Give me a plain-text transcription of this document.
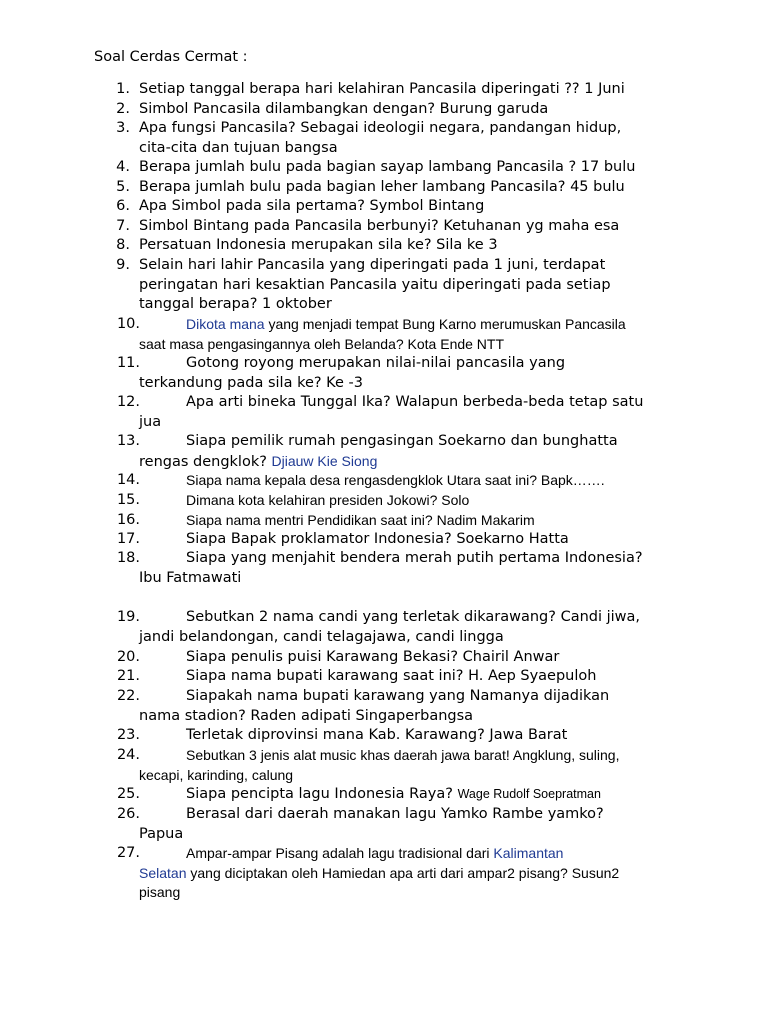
Soal Cerdas Cermat :
1. Setiap tanggal berapa hari kelahiran Pancasila diperingati ?? 1 Juni
2. Simbol Pancasila dilambangkan dengan? Burung garuda
3. Apa fungsi Pancasila? Sebagai ideologii negara, pandangan hidup,
cita-cita dan tujuan bangsa
4. Berapa jumlah bulu pada bagian sayap lambang Pancasila ? 17 bulu
5. Berapa jumlah bulu pada bagian leher lambang Pancasila? 45 bulu
6. Apa Simbol pada sila pertama? Symbol Bintang
7. Simbol Bintang pada Pancasila berbunyi? Ketuhanan yg maha esa
8. Persatuan Indonesia merupakan sila ke? Sila ke 3
9. Selain hari lahir Pancasila yang diperingati pada 1 juni, terdapat
peringatan hari kesaktian Pancasila yaitu diperingati pada setiap
tanggal berapa? 1 oktober
10.	Dikota mana yang menjadi tempat Bung Karno merumuskan Pancasila
saat masa pengasingannya oleh Belanda? Kota Ende NTT
11.	Gotong royong merupakan nilai-nilai pancasila yang
terkandung pada sila ke? Ke -3
12.	Apa arti bineka Tunggal Ika? Walapun berbeda-beda tetap satu
jua
13.	Siapa pemilik rumah pengasingan Soekarno dan bunghatta
rengas dengklok? Djiauw Kie Siong
14.	Siapa nama kepala desa rengasdengklok Utara saat ini? Bapk…….
15.	Dimana kota kelahiran presiden Jokowi? Solo
16.	Siapa nama mentri Pendidikan saat ini? Nadim Makarim
17.	Siapa Bapak proklamator Indonesia? Soekarno Hatta
18.	Siapa yang menjahit bendera merah putih pertama Indonesia?
Ibu Fatmawati
19.	Sebutkan 2 nama candi yang terletak dikarawang? Candi jiwa,
jandi belandongan, candi telagajawa, candi lingga
20.	Siapa penulis puisi Karawang Bekasi? Chairil Anwar
21.	Siapa nama bupati karawang saat ini? H. Aep Syaepuloh
22.	Siapakah nama bupati karawang yang Namanya dijadikan
nama stadion? Raden adipati Singaperbangsa
23.	Terletak diprovinsi mana Kab. Karawang? Jawa Barat
24.	Sebutkan 3 jenis alat music khas daerah jawa barat! Angklung, suling,
kecapi, karinding, calung
25.	Siapa pencipta lagu Indonesia Raya? Wage Rudolf Soepratman
26.	Berasal dari daerah manakan lagu Yamko Rambe yamko?
Papua
27.	Ampar-ampar Pisang adalah lagu tradisional dari Kalimantan
Selatan yang diciptakan oleh Hamiedan apa arti dari ampar2 pisang? Susun2
pisang
